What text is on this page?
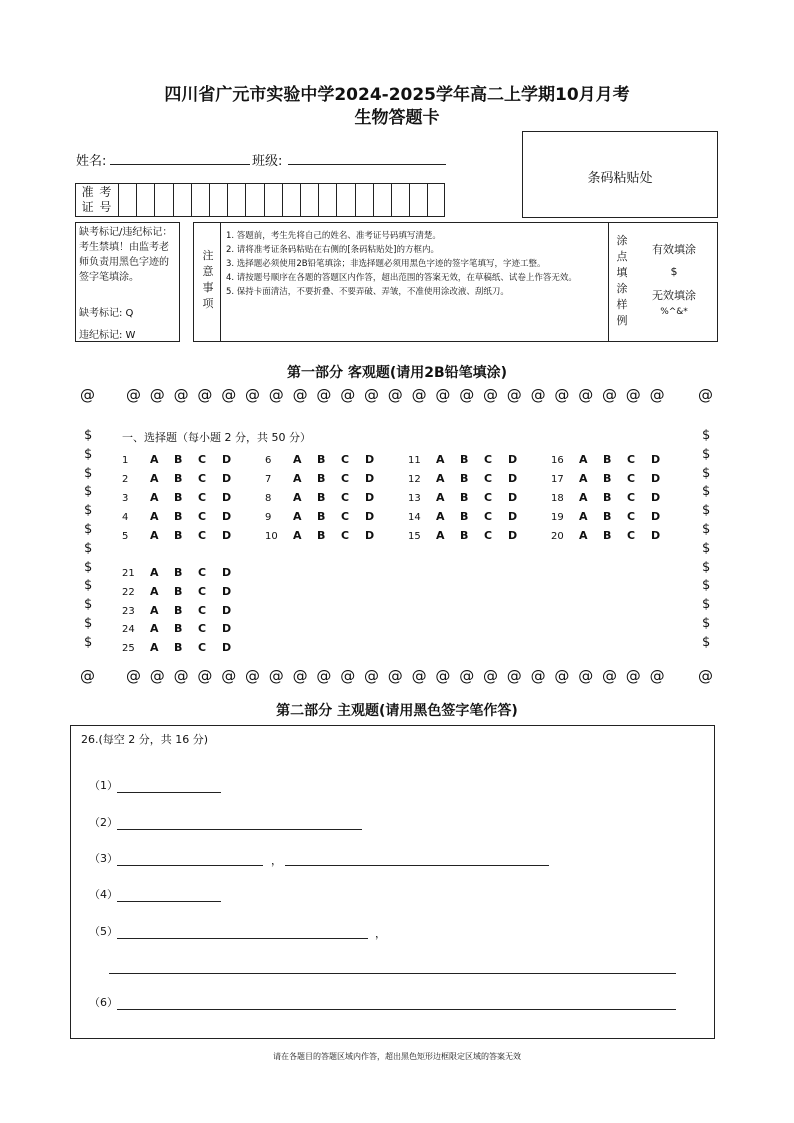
四川省广元市实验中学2024-2025学年高二上学期10月月考
生物答题卡
姓名:	班级:
准 考 证 号
条码粘贴处
缺考标记/违纪标记：考生禁填！由监考老师负责用黑色字迹的签字笔填涂。
缺考标记: Q
违纪标记: W
注意事项
1. 答题前，考生先将自己的姓名、准考证号码填写清楚。
2. 请将准考证条码粘贴在右侧的[条码粘贴处]的方框内。
3. 选择题必须使用2B铅笔填涂；非选择题必须用黑色字迹的签字笔填写，字迹工整。
4. 请按题号顺序在各题的答题区内作答，超出范围的答案无效，在草稿纸、试卷上作答无效。
5. 保持卡面清洁，不要折叠、不要弄破、弄皱，不准使用涂改液、刮纸刀。
涂点填涂样例
有效填涂
$
无效填涂
%^&*
第一部分 客观题(请用2B铅笔填涂)
@ @ @ @ @ @ @ @ @ @ @ @ @ @ @ @ @ @ @ @ @ @ @ @ @
@ @ @ @ @ @ @ @ @ @ @ @ @ @ @ @ @ @ @ @ @ @ @ @ @
$	$
$	$
$	$
$	$
$	$
$	$
$	$
$	$
$	$
$	$
$	$
$	$
一、选择题（每小题 2 分，共 50 分）
1 A B C D
2 A B C D
3 A B C D
4 A B C D
5 A B C D
6 A B C D
7 A B C D
8 A B C D
9 A B C D
10 A B C D
11 A B C D
12 A B C D
13 A B C D
14 A B C D
15 A B C D
16 A B C D
17 A B C D
18 A B C D
19 A B C D
20 A B C D
21 A B C D
22 A B C D
23 A B C D
24 A B C D
25 A B C D
第二部分 主观题(请用黑色签字笔作答)
26.(每空 2 分，共 16 分)
（1）
（2）
（3）	，
（4）
（5）	，
（6）
请在各题目的答题区域内作答，超出黑色矩形边框限定区域的答案无效
